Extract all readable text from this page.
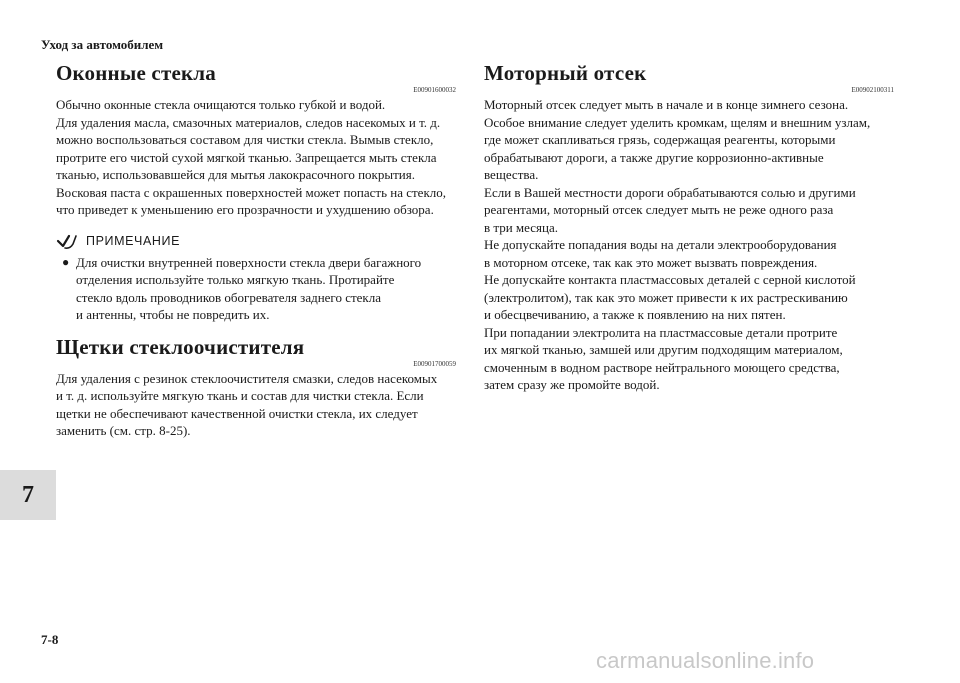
Уход за автомобилем
Оконные стекла
E00901600032

Обычно оконные стекла очищаются только губкой и водой.
Для удаления масла, смазочных материалов, следов насекомых и т. д.
можно воспользоваться составом для чистки стекла. Вымыв стекло,
протрите его чистой сухой мягкой тканью. Запрещается мыть стекла
тканью, использовавшейся для мытья лакокрасочного покрытия.
Восковая паста с окрашенных поверхностей может попасть на стекло,
что приведет к уменьшению его прозрачности и ухудшению обзора.

ПРИМЕЧАНИЕ
● Для очистки внутренней поверхности стекла двери багажного
отделения используйте только мягкую ткань. Протирайте
стекло вдоль проводников обогревателя заднего стекла
и антенны, чтобы не повредить их.
Щетки стеклоочистителя
E00901700059

Для удаления с резинок стеклоочистителя смазки, следов насекомых
и т. д. используйте мягкую ткань и состав для чистки стекла. Если
щетки не обеспечивают качественной очистки стекла, их следует
заменить (см. стр. 8-25).

Моторный отсек
E00902100311

Моторный отсек следует мыть в начале и в конце зимнего сезона.
Особое внимание следует уделить кромкам, щелям и внешним узлам,
где может скапливаться грязь, содержащая реагенты, которыми
обрабатывают дороги, а также другие коррозионно-активные
вещества.
Если в Вашей местности дороги обрабатываются солью и другими
реагентами, моторный отсек следует мыть не реже одного раза
в три месяца.
Не допускайте попадания воды на детали электрооборудования
в моторном отсеке, так как это может вызвать повреждения.
Не допускайте контакта пластмассовых деталей с серной кислотой
(электролитом), так как это может привести к их растрескиванию
и обесцвечиванию, а также к появлению на них пятен.
При попадании электролита на пластмассовые детали протрите
их мягкой тканью, замшей или другим подходящим материалом,
смоченным в водном растворе нейтрального моющего средства,
затем сразу же промойте водой.

7
7-8
carmanualsonline.info
